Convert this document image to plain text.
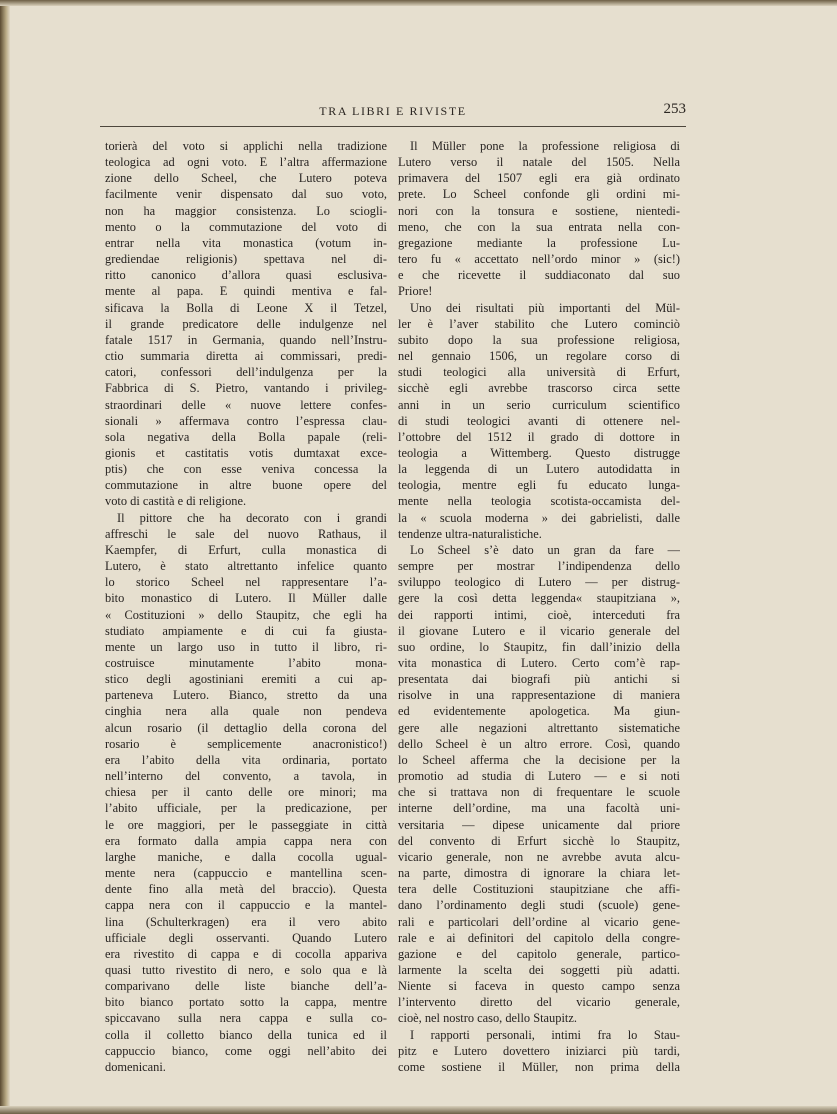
TRA LIBRI E RIVISTE	253
torierà del voto si applichi nella tradizione
teologica ad ogni voto. E l’altra affermazione
zione dello Scheel, che Lutero poteva
facilmente venir dispensato dal suo voto,
non ha maggior consistenza. Lo sciogli-
mento o la commutazione del voto di
entrar nella vita monastica (votum in-
grediendae religionis) spettava nel di-
ritto canonico d’allora quasi esclusiva-
mente al papa. E quindi mentiva e fal-
sificava la Bolla di Leone X il Tetzel,
il grande predicatore delle indulgenze nel
fatale 1517 in Germania, quando nell’Instru-
ctio summaria diretta ai commissari, predi-
catori, confessori dell’indulgenza per la
Fabbrica di S. Pietro, vantando i privileg-
straordinari delle « nuove lettere confes-
sionali » affermava contro l’espressa clau-
sola negativa della Bolla papale (reli-
gionis et castitatis votis dumtaxat exce-
ptis) che con esse veniva concessa la
commutazione in altre buone opere del
voto di castità e di religione.
Il pittore che ha decorato con i grandi
affreschi le sale del nuovo Rathaus, il
Kaempfer, di Erfurt, culla monastica di
Lutero, è stato altrettanto infelice quanto
lo storico Scheel nel rappresentare l’a-
bito monastico di Lutero. Il Müller dalle
« Costituzioni » dello Staupitz, che egli ha
studiato ampiamente e di cui fa giusta-
mente un largo uso in tutto il libro, ri-
costruisce minutamente l’abito mona-
stico degli agostiniani eremiti a cui ap-
parteneva Lutero. Bianco, stretto da una
cinghia nera alla quale non pendeva
alcun rosario (il dettaglio della corona del
rosario è semplicemente anacronistico!)
era l’abito della vita ordinaria, portato
nell’interno del convento, a tavola, in
chiesa per il canto delle ore minori; ma
l’abito ufficiale, per la predicazione, per
le ore maggiori, per le passeggiate in città
era formato dalla ampia cappa nera con
larghe maniche, e dalla cocolla ugual-
mente nera (cappuccio e mantellina scen-
dente fino alla metà del braccio). Questa
cappa nera con il cappuccio e la mantel-
lina (Schulterkragen) era il vero abito
ufficiale degli osservanti. Quando Lutero
era rivestito di cappa e di cocolla appariva
quasi tutto rivestito di nero, e solo qua e là
comparivano delle liste bianche dell’a-
bito bianco portato sotto la cappa, mentre
spiccavano sulla nera cappa e sulla co-
colla il colletto bianco della tunica ed il
cappuccio bianco, come oggi nell’abito dei
domenicani.
Il Müller pone la professione religiosa di
Lutero verso il natale del 1505. Nella
primavera del 1507 egli era già ordinato
prete. Lo Scheel confonde gli ordini mi-
nori con la tonsura e sostiene, nientedi-
meno, che con la sua entrata nella con-
gregazione mediante la professione Lu-
tero fu « accettato nell’ordo minor » (sic!)
e che ricevette il suddiaconato dal suo
Priore!
Uno dei risultati più importanti del Mül-
ler è l’aver stabilito che Lutero cominciò
subito dopo la sua professione religiosa,
nel gennaio 1506, un regolare corso di
studi teologici alla università di Erfurt,
sicchè egli avrebbe trascorso circa sette
anni in un serio curriculum scientifico
di studi teologici avanti di ottenere nel-
l’ottobre del 1512 il grado di dottore in
teologia a Wittemberg. Questo distrugge
la leggenda di un Lutero autodidatta in
teologia, mentre egli fu educato lunga-
mente nella teologia scotista-occamista del-
la « scuola moderna » dei gabrielisti, dalle
tendenze ultra-naturalistiche.
Lo Scheel s’è dato un gran da fare —
sempre per mostrar l’indipendenza dello
sviluppo teologico di Lutero — per distrug-
gere la così detta leggenda« staupitziana »,
dei rapporti intimi, cioè, interceduti fra
il giovane Lutero e il vicario generale del
suo ordine, lo Staupitz, fin dall’inizio della
vita monastica di Lutero. Certo com’è rap-
presentata dai biografi più antichi si
risolve in una rappresentazione di maniera
ed evidentemente apologetica. Ma giun-
gere alle negazioni altrettanto sistematiche
dello Scheel è un altro errore. Così, quando
lo Scheel afferma che la decisione per la
promotio ad studia di Lutero — e si noti
che si trattava non di frequentare le scuole
interne dell’ordine, ma una facoltà uni-
versitaria — dipese unicamente dal priore
del convento di Erfurt sicchè lo Staupitz,
vicario generale, non ne avrebbe avuta alcu-
na parte, dimostra di ignorare la chiara let-
tera delle Costituzioni staupitziane che affi-
dano l’ordinamento degli studi (scuole) gene-
rali e particolari dell’ordine al vicario gene-
rale e ai definitori del capitolo della congre-
gazione e del capitolo generale, partico-
larmente la scelta dei soggetti più adatti.
Niente si faceva in questo campo senza
l’intervento diretto del vicario generale,
cioè, nel nostro caso, dello Staupitz.
I rapporti personali, intimi fra lo Stau-
pitz e Lutero dovettero iniziarci più tardi,
come sostiene il Müller, non prima della
